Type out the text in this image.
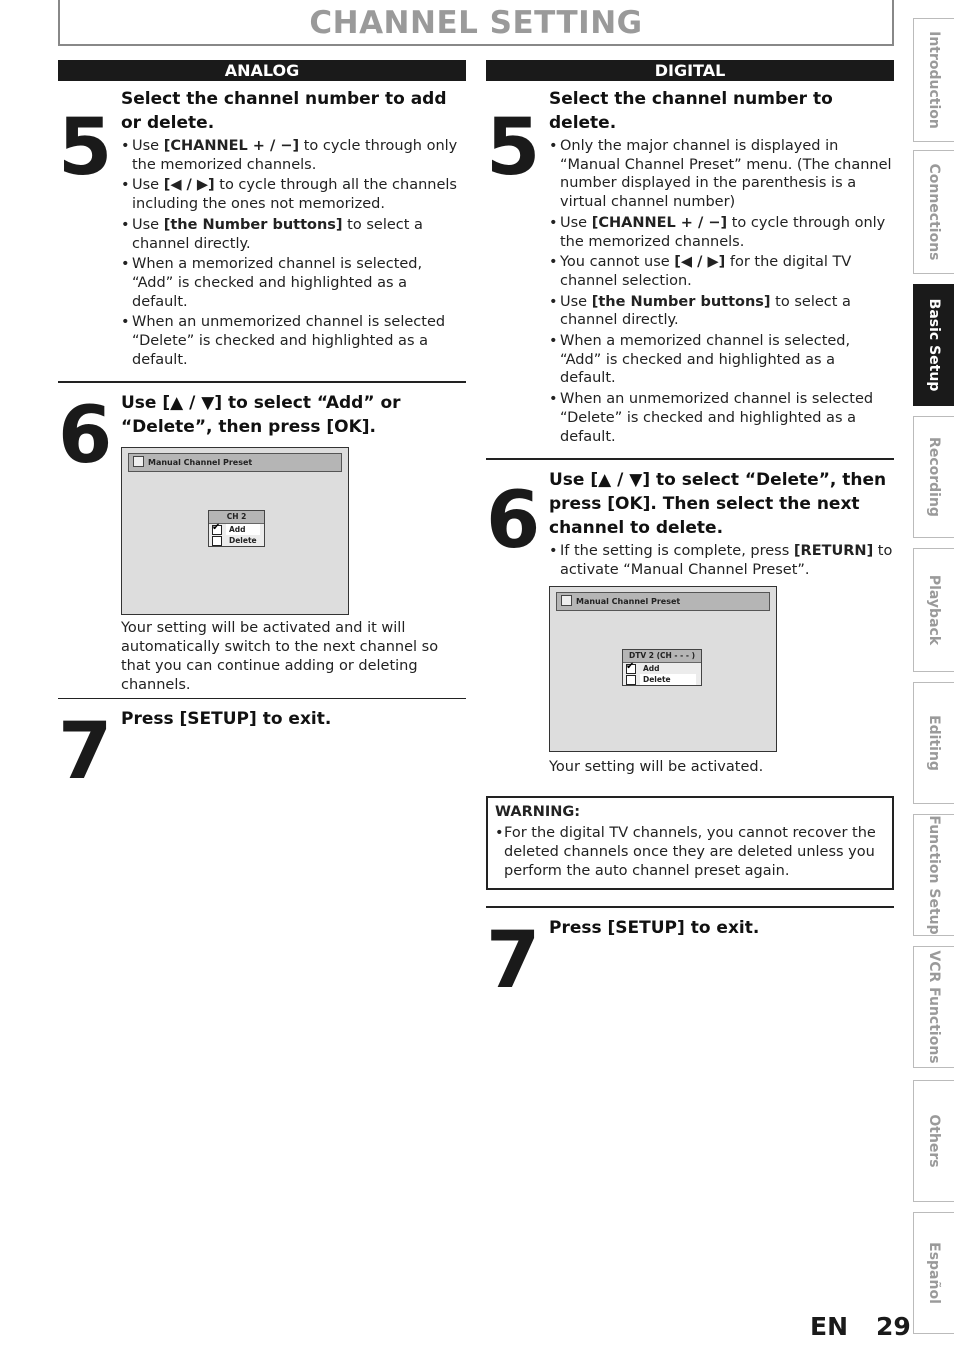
CHANNEL SETTING
ANALOG
5
Select the channel number to add or delete.
• Use [CHANNEL + / −] to cycle through only the memorized channels.
• Use [◀ / ▶] to cycle through all the channels including the ones not memorized.
• Use [the Number buttons] to select a channel directly.
• When a memorized channel is selected, “Add” is checked and highlighted as a default.
• When an unmemorized channel is selected “Delete” is checked and highlighted as a default.
6 Use [▲ / ▼] to select “Add” or “Delete”, then press [OK].
Manual Channel Preset
CH 2
✔Add
Delete
Your setting will be activated and it will automatically switch to the next channel so that you can continue adding or deleting channels.
7 Press [SETUP] to exit.
DIGITAL
5
Select the channel number to delete.
• Only the major channel is displayed in “Manual Channel Preset” menu. (The channel number displayed in the parenthesis is a virtual channel number)
• Use [CHANNEL + / −] to cycle through only the memorized channels.
• You cannot use [◀ / ▶] for the digital TV channel selection.
• Use [the Number buttons] to select a channel directly.
• When a memorized channel is selected, “Add” is checked and highlighted as a default.
• When an unmemorized channel is selected “Delete” is checked and highlighted as a default.
6 Use [▲ / ▼] to select “Delete”, then press [OK]. Then select the next channel to delete.
• If the setting is complete, press [RETURN] to activate “Manual Channel Preset”.
Manual Channel Preset
DTV 2 (CH - - - )
✔Add
Delete
Your setting will be activated.
WARNING:
• For the digital TV channels, you cannot recover the deleted channels once they are deleted unless you perform the auto channel preset again.
7 Press [SETUP] to exit.
Introduction
Connections
Basic Setup
Recording
Playback
Editing
Function Setup
VCR Functions
Others
Español
EN 29
